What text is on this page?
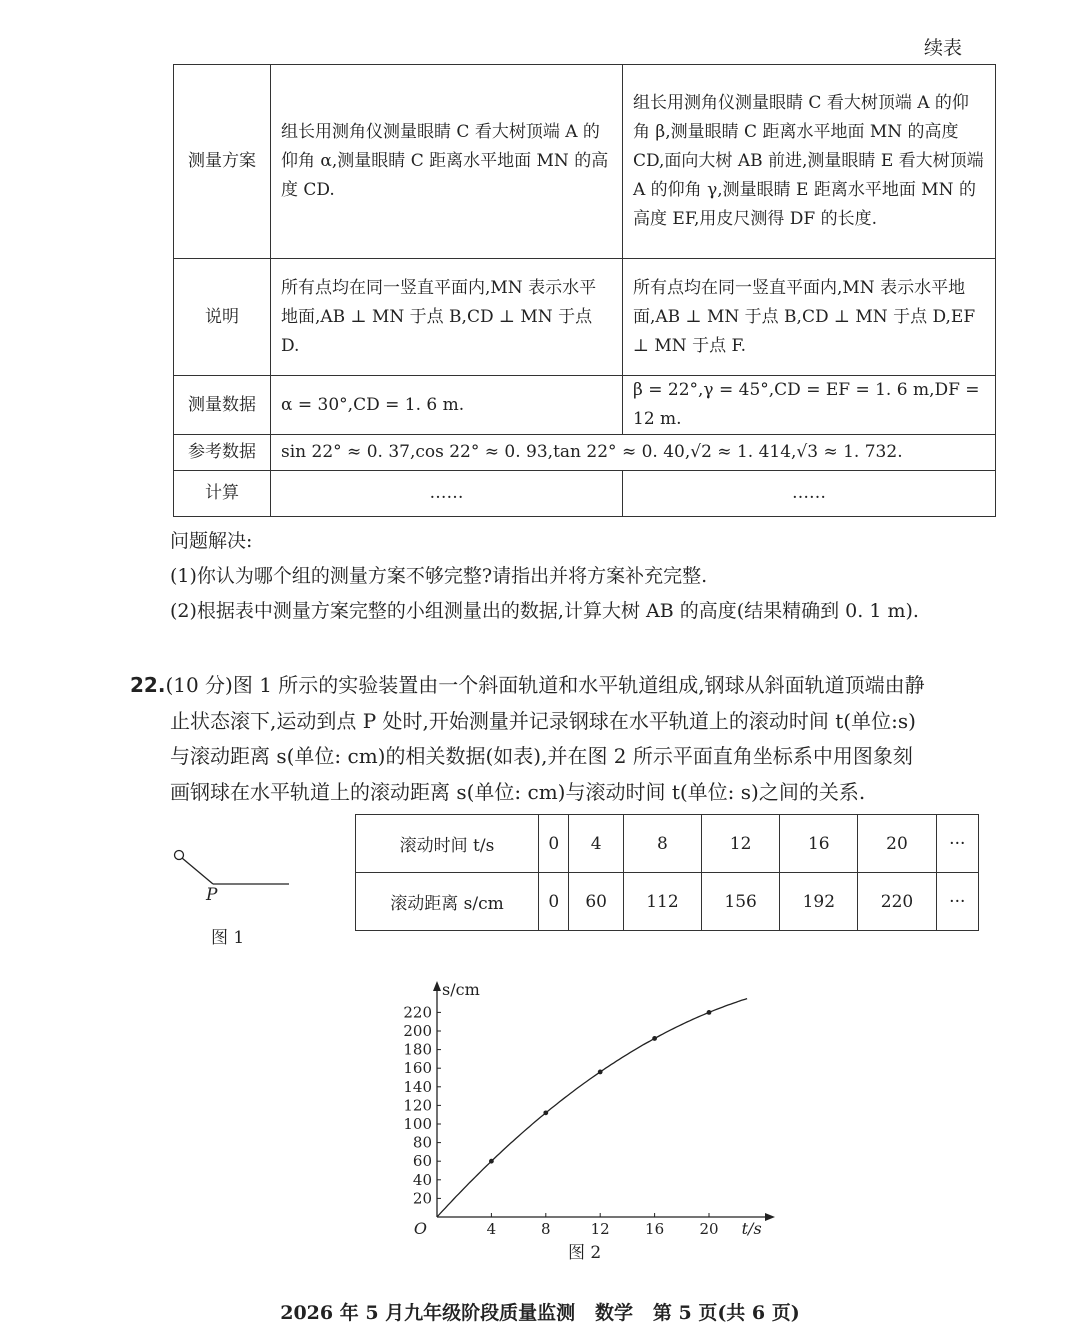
续表
测量方案	组长用测角仪测量眼睛 C 看大树顶端 A 的仰角 α,测量眼睛 C 距离水平地面 MN 的高度 CD.	组长用测角仪测量眼睛 C 看大树顶端 A 的仰角 β,测量眼睛 C 距离水平地面 MN 的高度 CD,面向大树 AB 前进,测量眼睛 E 看大树顶端 A 的仰角 γ,测量眼睛 E 距离水平地面 MN 的高度 EF,用皮尺测得 DF 的长度.
说明	所有点均在同一竖直平面内,MN 表示水平地面,AB ⊥ MN 于点 B,CD ⊥ MN 于点 D.	所有点均在同一竖直平面内,MN 表示水平地面,AB ⊥ MN 于点 B,CD ⊥ MN 于点 D,EF ⊥ MN 于点 F.
测量数据	α = 30°,CD = 1. 6 m.	β = 22°,γ = 45°,CD = EF = 1. 6 m,DF = 12 m.
参考数据	sin 22° ≈ 0. 37,cos 22° ≈ 0. 93,tan 22° ≈ 0. 40,√2 ≈ 1. 414,√3 ≈ 1. 732.	
计算	……	……
问题解决:
(1)你认为哪个组的测量方案不够完整?请指出并将方案补充完整.
(2)根据表中测量方案完整的小组测量出的数据,计算大树 AB 的高度(结果精确到 0. 1 m).
22.(10 分)图 1 所示的实验装置由一个斜面轨道和水平轨道组成,钢球从斜面轨道顶端由静
止状态滚下,运动到点 P 处时,开始测量并记录钢球在水平轨道上的滚动时间 t(单位:s)
与滚动距离 s(单位: cm)的相关数据(如表),并在图 2 所示平面直角坐标系中用图象刻
画钢球在水平轨道上的滚动距离 s(单位: cm)与滚动时间 t(单位: s)之间的关系.
P
图 1
滚动时间 t/s	0	4	8	12	16	20	···
滚动距离 s/cm	0	60	112	156	192	220	···
4	8	12 16 20
20
40
60
80
100
120
140
160
180
200
220
O
s/cm
t/s
图 2
2026 年 5 月九年级阶段质量监测   数学   第 5 页(共 6 页)
